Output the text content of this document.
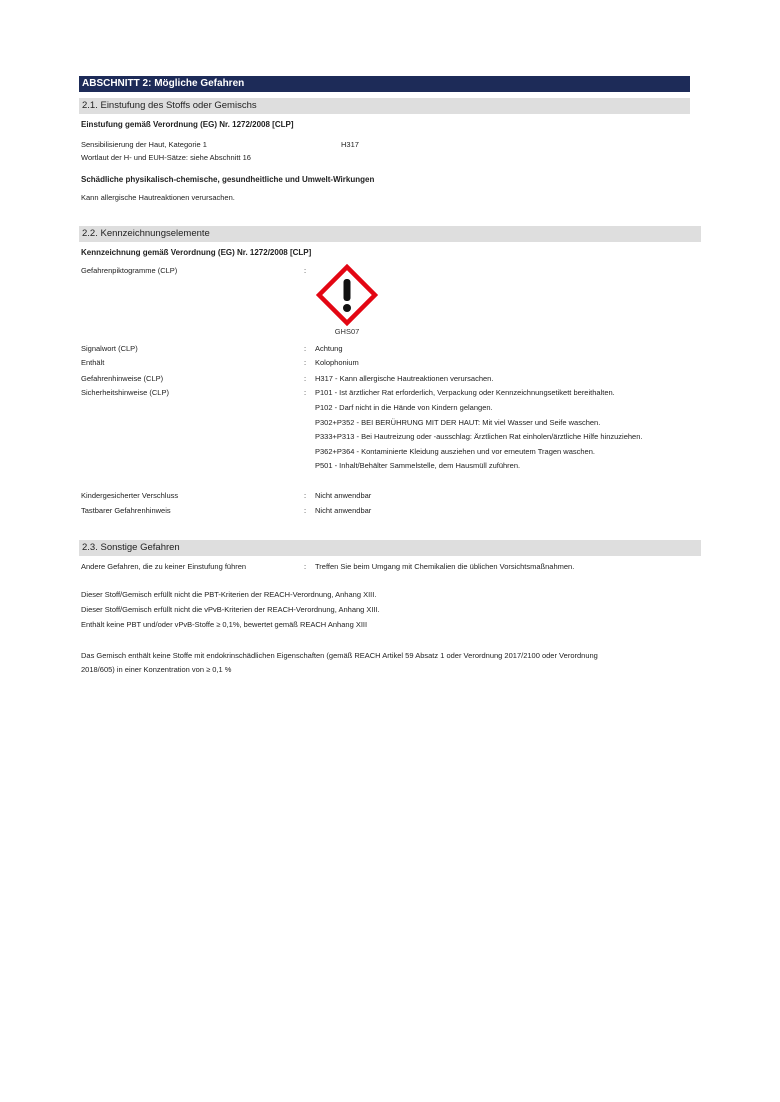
ABSCHNITT 2: Mögliche Gefahren
2.1. Einstufung des Stoffs oder Gemischs
Einstufung gemäß Verordnung (EG) Nr. 1272/2008 [CLP]
Sensibilisierung der Haut, Kategorie 1	H317
Wortlaut der H- und EUH-Sätze: siehe Abschnitt 16
Schädliche physikalisch-chemische, gesundheitliche und Umwelt-Wirkungen
Kann allergische Hautreaktionen verursachen.
2.2. Kennzeichnungselemente
Kennzeichnung gemäß Verordnung (EG) Nr. 1272/2008 [CLP]
Gefahrenpiktogramme (CLP)	:
GHS07
Signalwort (CLP)	: Achtung
Enthält	: Kolophonium
Gefahrenhinweise (CLP)	: H317 - Kann allergische Hautreaktionen verursachen.
Sicherheitshinweise (CLP)	: P101 - Ist ärztlicher Rat erforderlich, Verpackung oder Kennzeichnungsetikett bereithalten.
P102 - Darf nicht in die Hände von Kindern gelangen.
P302+P352 - BEI BERÜHRUNG MIT DER HAUT: Mit viel Wasser und Seife waschen.
P333+P313 - Bei Hautreizung oder -ausschlag: Ärztlichen Rat einholen/ärztliche Hilfe hinzuziehen.
P362+P364 - Kontaminierte Kleidung ausziehen und vor erneutem Tragen waschen.
P501 - Inhalt/Behälter Sammelstelle, dem Hausmüll zuführen.
Kindergesicherter Verschluss	: Nicht anwendbar
Tastbarer Gefahrenhinweis	: Nicht anwendbar
2.3. Sonstige Gefahren
Andere Gefahren, die zu keiner Einstufung führen	: Treffen Sie beim Umgang mit Chemikalien die üblichen Vorsichtsmaßnahmen.
Dieser Stoff/Gemisch erfüllt nicht die PBT-Kriterien der REACH-Verordnung, Anhang XIII.
Dieser Stoff/Gemisch erfüllt nicht die vPvB-Kriterien der REACH-Verordnung, Anhang XIII.
Enthält keine PBT und/oder vPvB-Stoffe ≥ 0,1%, bewertet gemäß REACH Anhang XIII
Das Gemisch enthält keine Stoffe mit endokrinschädlichen Eigenschaften (gemäß REACH Artikel 59 Absatz 1 oder Verordnung 2017/2100 oder Verordnung
2018/605) in einer Konzentration von ≥ 0,1 %
